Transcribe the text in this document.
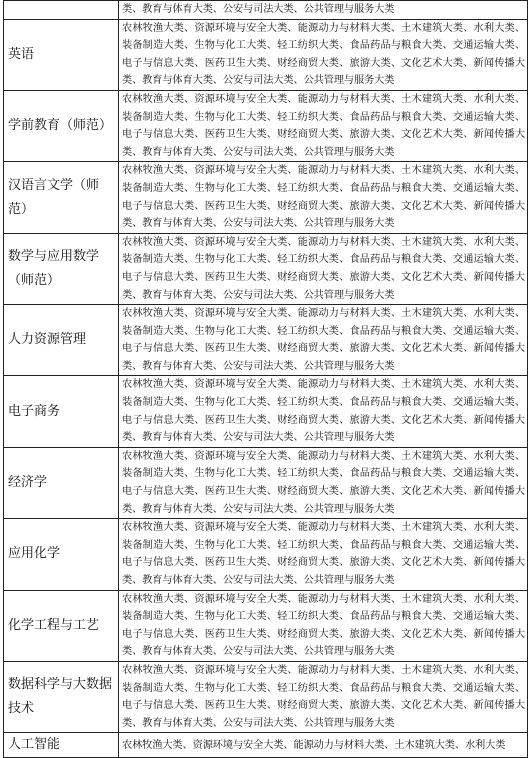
	类、教育与体育大类、公安与司法大类、公共管理与服务大类
英语	农林牧渔大类、资源环境与安全大类、能源动力与材料大类、土木建筑大类、水利大类、装备制造大类、生物与化工大类、轻工纺织大类、食品药品与粮食大类、交通运输大类、电子与信息大类、医药卫生大类、财经商贸大类、旅游大类、文化艺术大类、新闻传播大类、教育与体育大类、公安与司法大类、公共管理与服务大类
学前教育（师范）	农林牧渔大类、资源环境与安全大类、能源动力与材料大类、土木建筑大类、水利大类、装备制造大类、生物与化工大类、轻工纺织大类、食品药品与粮食大类、交通运输大类、电子与信息大类、医药卫生大类、财经商贸大类、旅游大类、文化艺术大类、新闻传播大类、教育与体育大类、公安与司法大类、公共管理与服务大类
汉语言文学（师范）	农林牧渔大类、资源环境与安全大类、能源动力与材料大类、土木建筑大类、水利大类、装备制造大类、生物与化工大类、轻工纺织大类、食品药品与粮食大类、交通运输大类、电子与信息大类、医药卫生大类、财经商贸大类、旅游大类、文化艺术大类、新闻传播大类、教育与体育大类、公安与司法大类、公共管理与服务大类
数学与应用数学（师范）	农林牧渔大类、资源环境与安全大类、能源动力与材料大类、土木建筑大类、水利大类、装备制造大类、生物与化工大类、轻工纺织大类、食品药品与粮食大类、交通运输大类、电子与信息大类、医药卫生大类、财经商贸大类、旅游大类、文化艺术大类、新闻传播大类、教育与体育大类、公安与司法大类、公共管理与服务大类
人力资源管理	农林牧渔大类、资源环境与安全大类、能源动力与材料大类、土木建筑大类、水利大类、装备制造大类、生物与化工大类、轻工纺织大类、食品药品与粮食大类、交通运输大类、电子与信息大类、医药卫生大类、财经商贸大类、旅游大类、文化艺术大类、新闻传播大类、教育与体育大类、公安与司法大类、公共管理与服务大类
电子商务	农林牧渔大类、资源环境与安全大类、能源动力与材料大类、土木建筑大类、水利大类、装备制造大类、生物与化工大类、轻工纺织大类、食品药品与粮食大类、交通运输大类、电子与信息大类、医药卫生大类、财经商贸大类、旅游大类、文化艺术大类、新闻传播大类、教育与体育大类、公安与司法大类、公共管理与服务大类
经济学	农林牧渔大类、资源环境与安全大类、能源动力与材料大类、土木建筑大类、水利大类、装备制造大类、生物与化工大类、轻工纺织大类、食品药品与粮食大类、交通运输大类、电子与信息大类、医药卫生大类、财经商贸大类、旅游大类、文化艺术大类、新闻传播大类、教育与体育大类、公安与司法大类、公共管理与服务大类
应用化学	农林牧渔大类、资源环境与安全大类、能源动力与材料大类、土木建筑大类、水利大类、装备制造大类、生物与化工大类、轻工纺织大类、食品药品与粮食大类、交通运输大类、电子与信息大类、医药卫生大类、财经商贸大类、旅游大类、文化艺术大类、新闻传播大类、教育与体育大类、公安与司法大类、公共管理与服务大类
化学工程与工艺	农林牧渔大类、资源环境与安全大类、能源动力与材料大类、土木建筑大类、水利大类、装备制造大类、生物与化工大类、轻工纺织大类、食品药品与粮食大类、交通运输大类、电子与信息大类、医药卫生大类、财经商贸大类、旅游大类、文化艺术大类、新闻传播大类、教育与体育大类、公安与司法大类、公共管理与服务大类
数据科学与大数据技术	农林牧渔大类、资源环境与安全大类、能源动力与材料大类、土木建筑大类、水利大类、装备制造大类、生物与化工大类、轻工纺织大类、食品药品与粮食大类、交通运输大类、电子与信息大类、医药卫生大类、财经商贸大类、旅游大类、文化艺术大类、新闻传播大类、教育与体育大类、公安与司法大类、公共管理与服务大类
人工智能	农林牧渔大类、资源环境与安全大类、能源动力与材料大类、土木建筑大类、水利大类
